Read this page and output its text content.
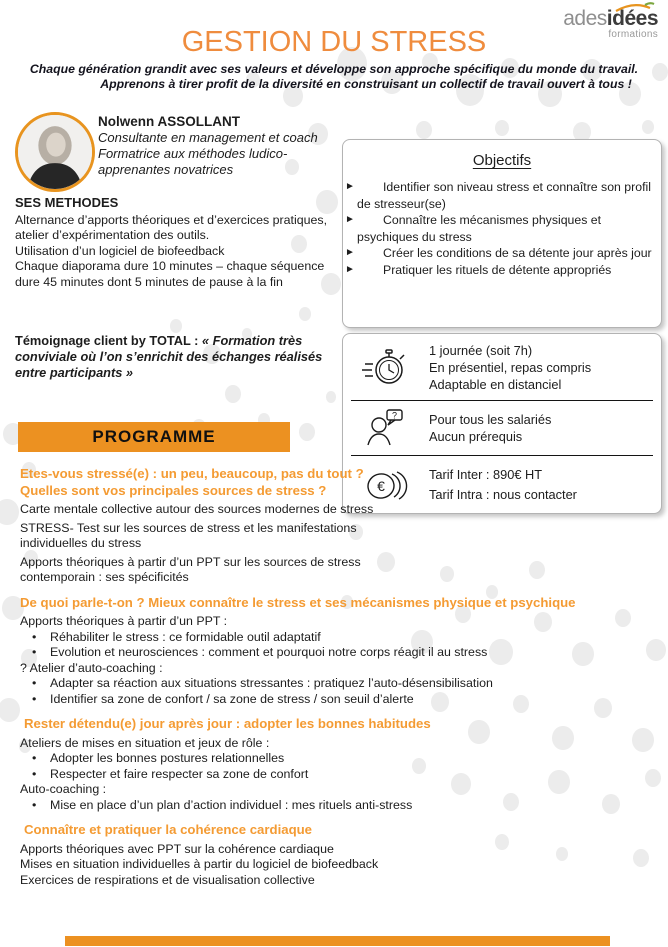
adesidées
formations
GESTION DU STRESS
Chaque génération grandit avec ses valeurs et développe son approche spécifique du monde du travail.
Apprenons à tirer profit de la diversité en construisant un collectif de travail ouvert à tous !
Nolwenn ASSOLLANT
Consultante en management et coach
Formatrice aux méthodes ludico-apprenantes novatrices
SES METHODES

Alternance d’apports théoriques et d’exercices pratiques, atelier d’expérimentation des outils.

Utilisation d’un logiciel de biofeedback

Chaque diaporama dure 10 minutes – chaque séquence dure 45 minutes dont 5 minutes de pause à la fin

Témoignage client by TOTAL : « Formation très conviviale où l’on s’enrichit des échanges réalisés entre participants »
PROGRAMME
Objectifs
► Identifier son niveau stress et connaître son profil de stresseur(se)
► Connaître les mécanismes physiques et psychiques du stress
► Créer les conditions de sa détente jour après jour
► Pratiquer les rituels de détente appropriés
1 journée (soit 7h)
En présentiel, repas compris
Adaptable en distanciel
? Pour tous les salariés
Aucun prérequis
€
Tarif Inter : 890€ HT
Tarif Intra : nous contacter
Etes-vous stressé(e) : un peu, beaucoup, pas du tout ?
Quelles sont vos principales sources de stress ?

Carte mentale collective autour des sources modernes de stress

STRESS- Test sur les sources de stress et les manifestations individuelles du stress

Apports théoriques à partir d’un PPT sur les sources de stress contemporain : ses spécificités

De quoi parle-t-on ? Mieux connaître le stress et ses mécanismes physique et psychique

Apports théoriques à partir d’un PPT :

• Réhabiliter le stress : ce formidable outil adaptatif

• Evolution et neurosciences : comment et pourquoi notre corps réagit il au stress

? Atelier d’auto-coaching :

• Adapter sa réaction aux situations stressantes : pratiquez l’auto-désensibilisation

• Identifier sa zone de confort / sa zone de stress / son seuil d’alerte

Rester détendu(e) jour après jour : adopter les bonnes habitudes

Ateliers de mises en situation et jeux de rôle :

• Adopter les bonnes postures relationnelles

• Respecter et faire respecter sa zone de confort

Auto-coaching :

• Mise en place d’un plan d’action individuel : mes rituels anti-stress

Connaître et pratiquer la cohérence cardiaque

Apports théoriques avec PPT sur la cohérence cardiaque

Mises en situation individuelles à partir du logiciel de biofeedback

Exercices de respirations et de visualisation collective
